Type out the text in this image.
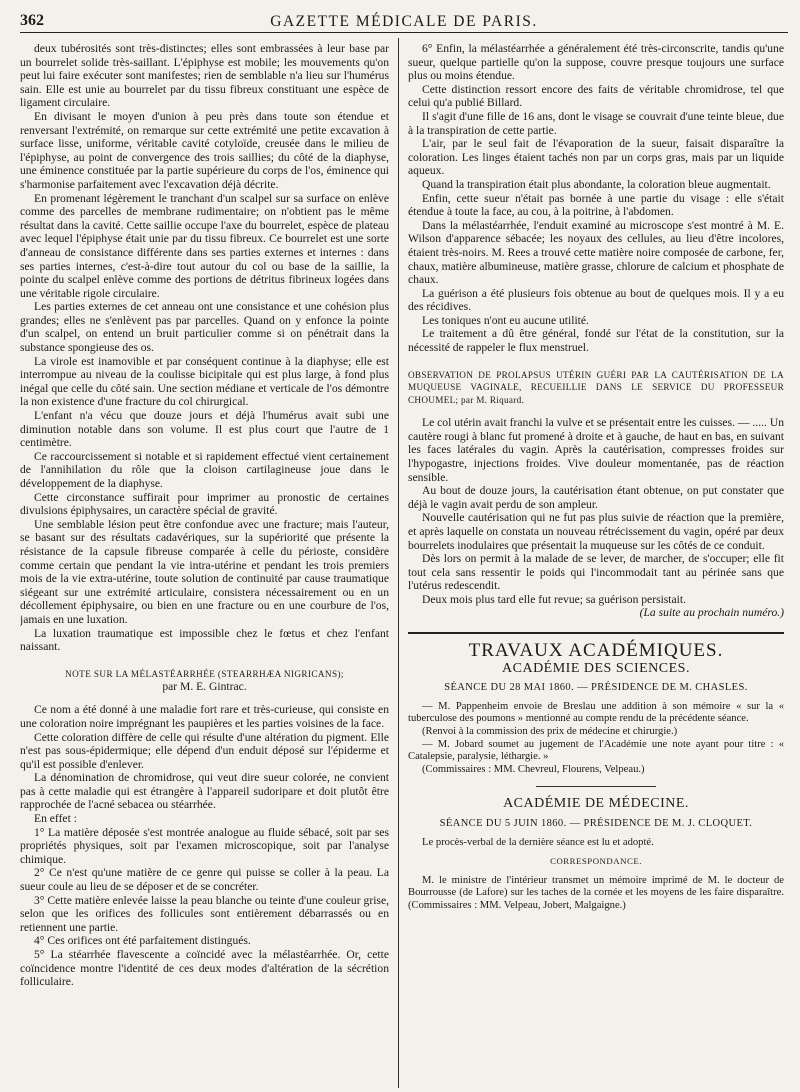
362	GAZETTE MÉDICALE DE PARIS.

deux tubérosités sont très-distinctes; elles sont embrassées à leur base par un bourrelet solide très-saillant. L'épiphyse est mobile; les mouvements qu'on peut lui faire exécuter sont manifestes; rien de semblable n'a lieu sur l'humérus sain. Elle est unie au bourrelet par du tissu fibreux constituant une espèce de ligament circulaire.

En divisant le moyen d'union à peu près dans toute son étendue et renversant l'extrémité, on remarque sur cette extrémité une petite excavation à surface lisse, uniforme, véritable cavité cotyloïde, creusée dans le milieu de l'épiphyse, au point de convergence des trois saillies; du côté de la diaphyse, une éminence constituée par la partie supérieure du corps de l'os, éminence qui s'harmonise parfaitement avec l'excavation déjà décrite.

En promenant légèrement le tranchant d'un scalpel sur sa surface on enlève comme des parcelles de membrane rudimentaire; on n'obtient pas le même résultat dans la cavité. Cette saillie occupe l'axe du bourrelet, espèce de plateau avec lequel l'épiphyse était unie par du tissu fibreux. Ce bourrelet est une sorte d'anneau de consistance différente dans ses parties externes et internes : dans ses parties internes, c'est-à-dire tout autour du col ou base de la saillie, la pointe du scalpel enlève comme des portions de détritus fibrineux logées dans une véritable rigole circulaire.

Les parties externes de cet anneau ont une consistance et une cohésion plus grandes; elles ne s'enlèvent pas par parcelles. Quand on y enfonce la pointe d'un scalpel, on entend un bruit particulier comme si on pénétrait dans la substance spongieuse des os.

La virole est inamovible et par conséquent continue à la diaphyse; elle est interrompue au niveau de la coulisse bicipitale qui est plus large, à fond plus inégal que celle du côté sain. Une section médiane et verticale de l'os démontre la non existence d'une fracture du col chirurgical.

L'enfant n'a vécu que douze jours et déjà l'humérus avait subi une diminution notable dans son volume. Il est plus court que l'autre de 1 centimètre.

Ce raccourcissement si notable et si rapidement effectué vient certainement de l'annihilation du rôle que la cloison cartilagineuse joue dans le développement de la diaphyse.

Cette circonstance suffirait pour imprimer au pronostic de certaines divulsions épiphysaires, un caractère spécial de gravité.

Une semblable lésion peut être confondue avec une fracture; mais l'auteur, se basant sur des résultats cadavériques, sur la supériorité que présente la résistance de la capsule fibreuse comparée à celle du périoste, considère comme certain que pendant la vie intra-utérine et pendant les trois premiers mois de la vie extra-utérine, toute solution de continuité par cause traumatique siégeant sur une extrémité articulaire, consistera nécessairement ou en un décollement épiphysaire, ou bien en une fracture ou en une courbure de l'os, jamais en une luxation.

La luxation traumatique est impossible chez le fœtus et chez l'enfant naissant.

NOTE SUR LA MÉLASTÉARRHÉE (STEARRHÆA NIGRICANS);

par M. E. Gintrac.

Ce nom a été donné à une maladie fort rare et très-curieuse, qui consiste en une coloration noire imprégnant les paupières et les parties voisines de la face.

Cette coloration diffère de celle qui résulte d'une altération du pigment. Elle n'est pas sous-épidermique; elle dépend d'un enduit déposé sur l'épiderme et qu'il est possible d'enlever.

La dénomination de chromidrose, qui veut dire sueur colorée, ne convient pas à cette maladie qui est étrangère à l'appareil sudoripare et doit plutôt être rapprochée de l'acné sebacea ou stéarrhée.

En effet :

1° La matière déposée s'est montrée analogue au fluide sébacé, soit par ses propriétés physiques, soit par l'examen microscopique, soit par l'analyse chimique.

2° Ce n'est qu'une matière de ce genre qui puisse se coller à la peau. La sueur coule au lieu de se déposer et de se concréter.

3° Cette matière enlevée laisse la peau blanche ou teinte d'une couleur grise, selon que les orifices des follicules sont entièrement débarrassés ou en retiennent une partie.

4° Ces orifices ont été parfaitement distingués.

5° La stéarrhée flavescente a coïncidé avec la mélastéarrhée. Or, cette coïncidence montre l'identité de ces deux modes d'altération de la sécrétion folliculaire.

6° Enfin, la mélastéarrhée a généralement été très-circonscrite, tandis qu'une sueur, quelque partielle qu'on la suppose, couvre presque toujours une surface plus ou moins étendue.

Cette distinction ressort encore des faits de véritable chromidrose, tel que celui qu'a publié Billard.

Il s'agit d'une fille de 16 ans, dont le visage se couvrait d'une teinte bleue, due à la transpiration de cette partie.

L'air, par le seul fait de l'évaporation de la sueur, faisait disparaître la coloration. Les linges étaient tachés non par un corps gras, mais par un liquide aqueux.

Quand la transpiration était plus abondante, la coloration bleue augmentait.

Enfin, cette sueur n'était pas bornée à une partie du visage : elle s'était étendue à toute la face, au cou, à la poitrine, à l'abdomen.

Dans la mélastéarrhée, l'enduit examiné au microscope s'est montré à M. E. Wilson d'apparence sébacée; les noyaux des cellules, au lieu d'être incolores, étaient très-noirs. M. Rees a trouvé cette matière noire composée de carbone, fer, chaux, matière albumineuse, matière grasse, chlorure de calcium et phosphate de chaux.

La guérison a été plusieurs fois obtenue au bout de quelques mois. Il y a eu des récidives.

Les toniques n'ont eu aucune utilité.

Le traitement a dû être général, fondé sur l'état de la constitution, sur la nécessité de rappeler le flux menstruel.

OBSERVATION DE PROLAPSUS UTÉRIN GUÉRI PAR LA CAUTÉRISATION DE LA MUQUEUSE VAGINALE, RECUEILLIE DANS LE SERVICE DU PROFESSEUR CHOUMEL; par M. Riquard.

Le col utérin avait franchi la vulve et se présentait entre les cuisses. — ..... Un cautère rougi à blanc fut promené à droite et à gauche, de haut en bas, en suivant les faces latérales du vagin. Après la cautérisation, compresses froides sur l'hypogastre, injections froides. Vive douleur momentanée, pas de réaction sensible.

Au bout de douze jours, la cautérisation étant obtenue, on put constater que déjà le vagin avait perdu de son ampleur.

Nouvelle cautérisation qui ne fut pas plus suivie de réaction que la première, et après laquelle on constata un nouveau rétrécissement du vagin, opéré par deux bourrelets inodulaires que présentait la muqueuse sur les côtés de ce conduit.

Dès lors on permit à la malade de se lever, de marcher, de s'occuper; elle fit tout cela sans ressentir le poids qui l'incommodait tant au périnée sans que l'utérus redescendit.

Deux mois plus tard elle fut revue; sa guérison persistait.

(La suite au prochain numéro.)

TRAVAUX ACADÉMIQUES.

ACADÉMIE DES SCIENCES.

SÉANCE DU 28 MAI 1860. — PRÉSIDENCE DE M. CHASLES.

— M. Pappenheim envoie de Breslau une addition à son mémoire « sur la « tuberculose des poumons » mentionné au compte rendu de la précédente séance.

(Renvoi à la commission des prix de médecine et chirurgie.)

— M. Jobard soumet au jugement de l'Académie une note ayant pour titre : « Catalepsie, paralysie, léthargie. »

(Commissaires : MM. Chevreul, Flourens, Velpeau.)

ACADÉMIE DE MÉDECINE.

SÉANCE DU 5 JUIN 1860. — PRÉSIDENCE DE M. J. CLOQUET.

Le procès-verbal de la dernière séance est lu et adopté.

CORRESPONDANCE.

M. le ministre de l'intérieur transmet un mémoire imprimé de M. le docteur de Bourrousse (de Lafore) sur les taches de la cornée et les moyens de les faire disparaître. (Commissaires : MM. Velpeau, Jobert, Malgaigne.)
